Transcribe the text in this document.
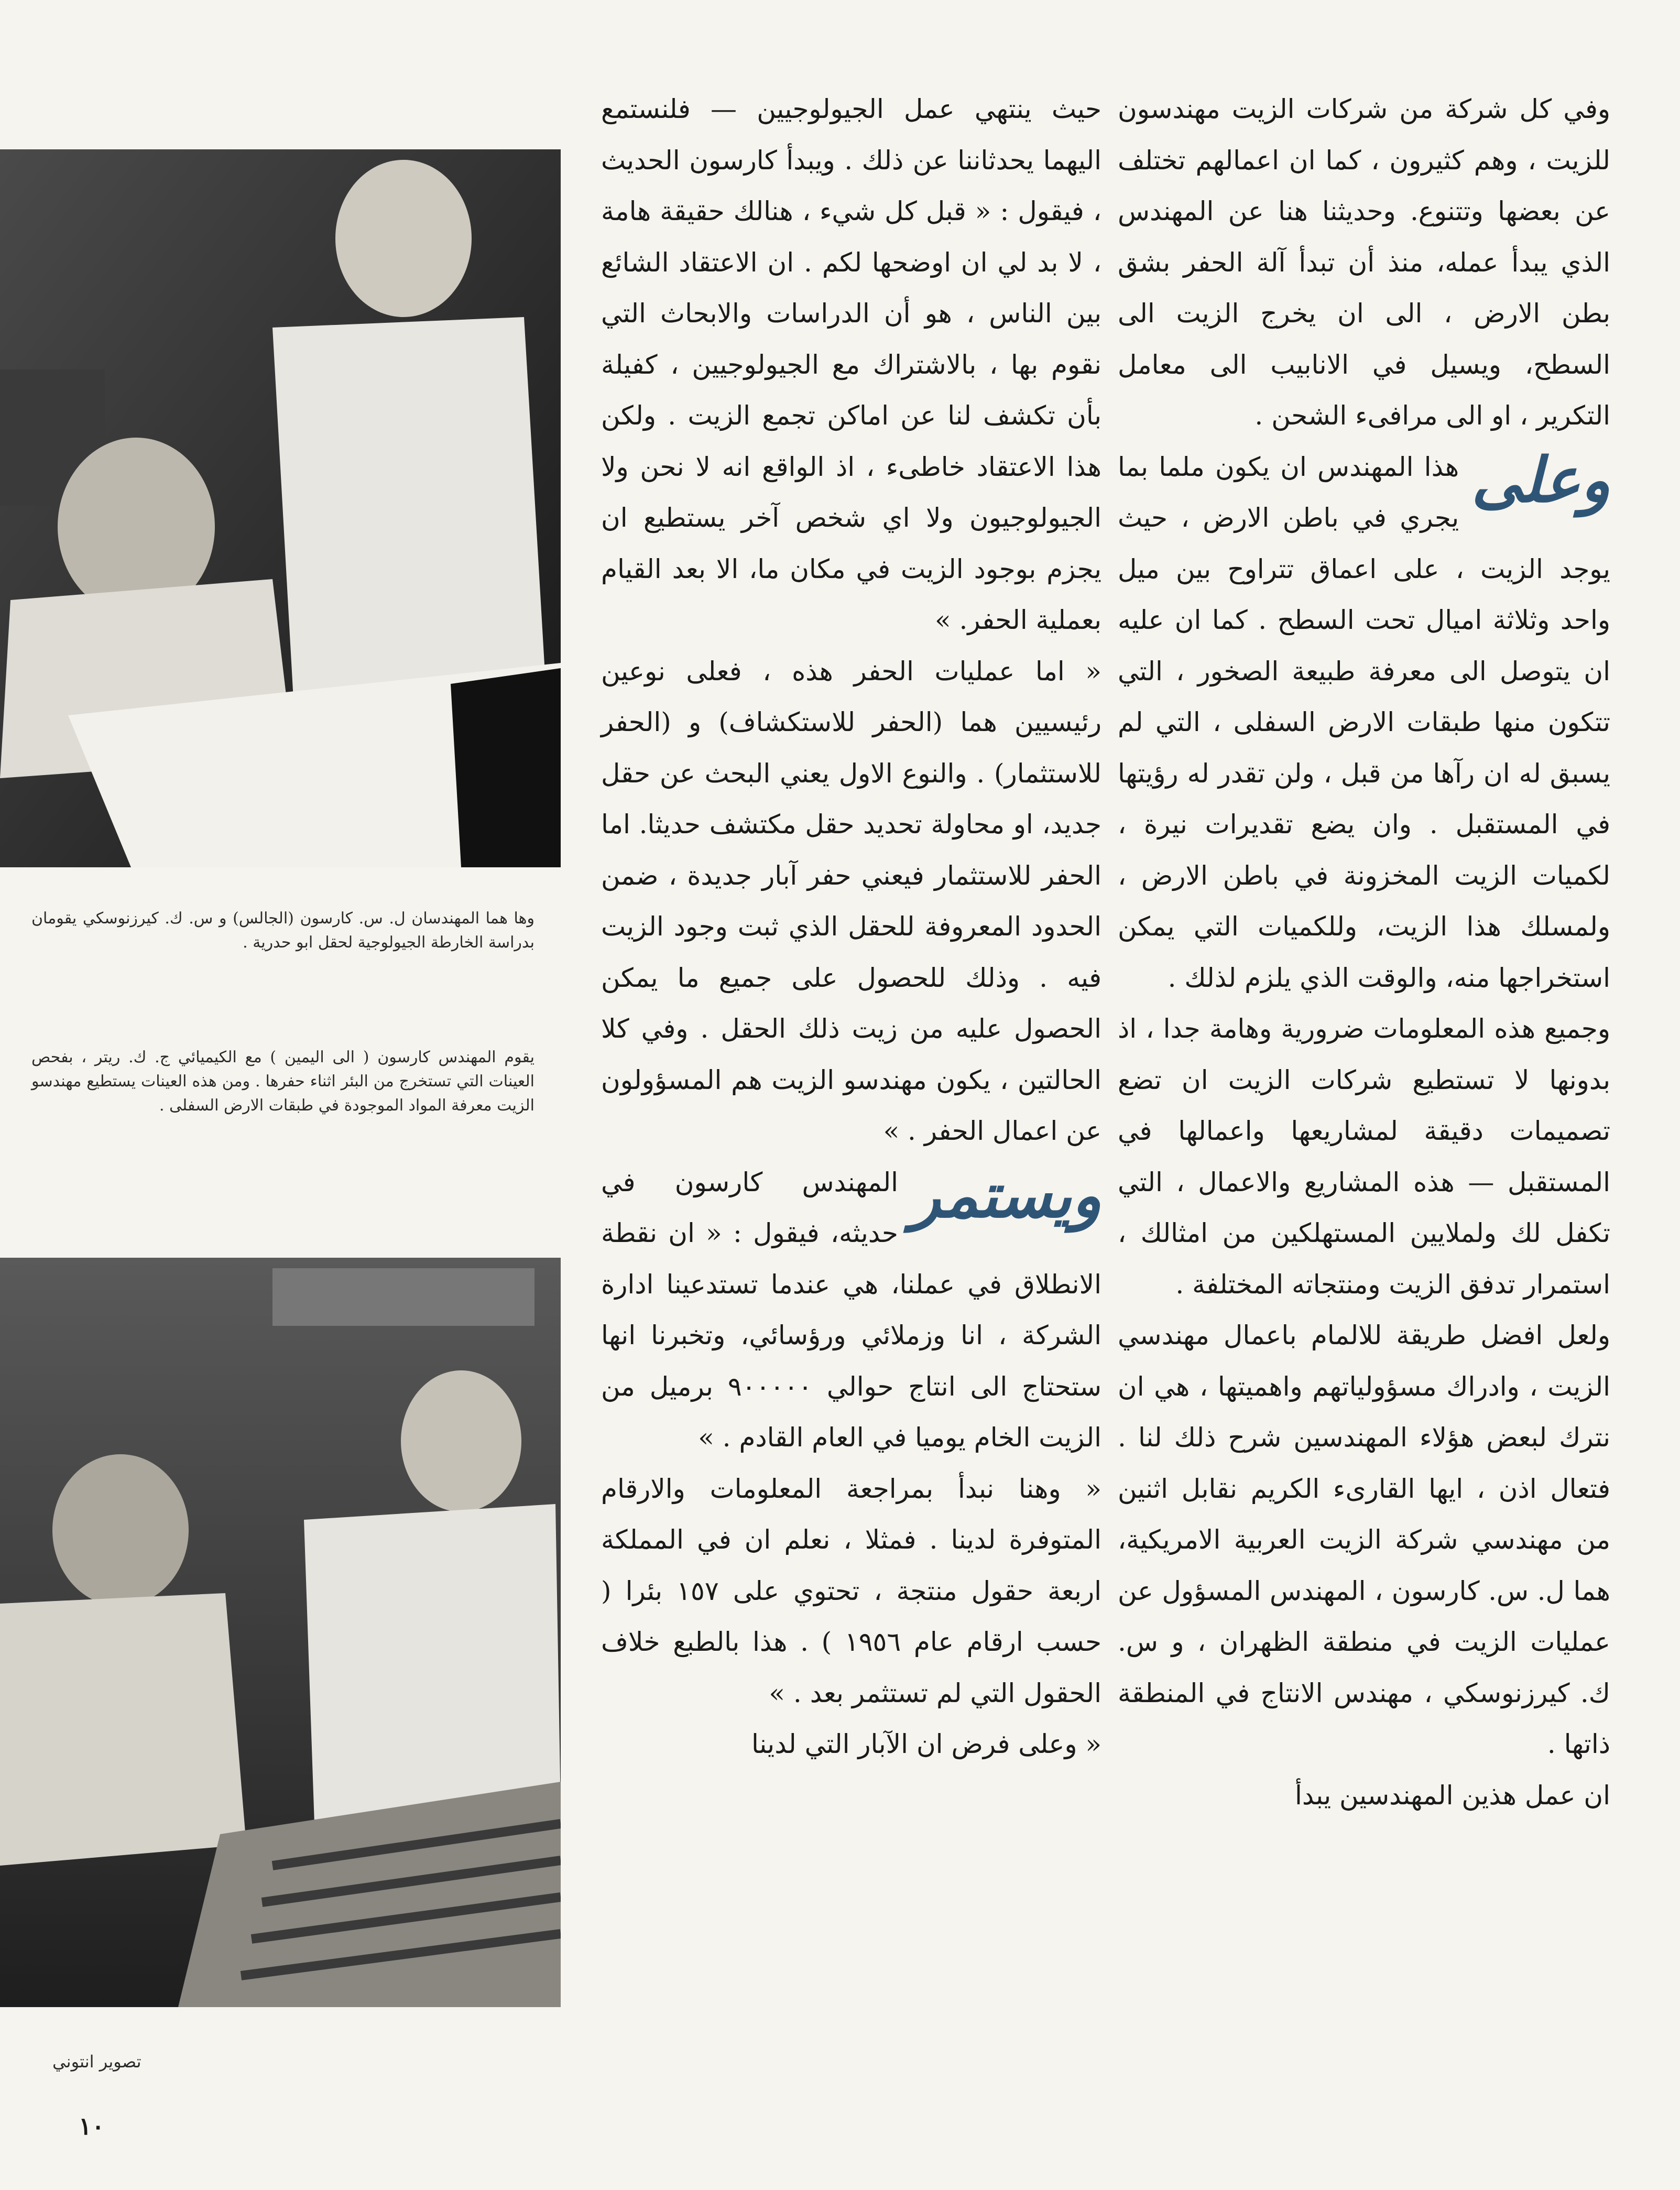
وها هما المهندسان ل. س. كارسون (الجالس) و س. ك. كيرزنوسكي يقومان بدراسة الخارطة الجيولوجية لحقل ابو حدرية .
يقوم المهندس كارسون ( الى اليمين ) مع الكيميائي ج. ك. ريتر ، بفحص العينات التي تستخرج من البئر اثناء حفرها . ومن هذه العينات يستطيع مهندسو الزيت معرفة المواد الموجودة في طبقات الارض السفلى .

وفي كل شركة من شركات الزيت مهندسون للزيت ، وهم كثيرون ، كما ان اعمالهم تختلف عن بعضها وتتنوع. وحديثنا هنا عن المهندس الذي يبدأ عمله، منذ أن تبدأ آلة الحفر بشق بطن الارض ، الى ان يخرج الزيت الى السطح، ويسيل في الانابيب الى معامل التكرير ، او الى مرافىء الشحن .

وعلى
هذا المهندس ان يكون ملما بما يجري في باطن الارض ، حيث يوجد الزيت ، على اعماق تتراوح بين ميل واحد وثلاثة اميال تحت السطح . كما ان عليه ان يتوصل الى معرفة طبيعة الصخور ، التي تتكون منها طبقات الارض السفلى ، التي لم يسبق له ان رآها من قبل ، ولن تقدر له رؤيتها في المستقبل . وان يضع تقديرات نيرة ، لكميات الزيت المخزونة في باطن الارض ، ولمسلك هذا الزيت، وللكميات التي يمكن استخراجها منه، والوقت الذي يلزم لذلك .

وجميع هذه المعلومات ضرورية وهامة جدا ، اذ بدونها لا تستطيع شركات الزيت ان تضع تصميمات دقيقة لمشاريعها واعمالها في المستقبل — هذه المشاريع والاعمال ، التي تكفل لك ولملايين المستهلكين من امثالك ، استمرار تدفق الزيت ومنتجاته المختلفة .

ولعل افضل طريقة للالمام باعمال مهندسي الزيت ، وادراك مسؤولياتهم واهميتها ، هي ان نترك لبعض هؤلاء المهندسين شرح ذلك لنا . فتعال اذن ، ايها القارىء الكريم نقابل اثنين من مهندسي شركة الزيت العربية الامريكية، هما ل. س. كارسون ، المهندس المسؤول عن عمليات الزيت في منطقة الظهران ، و س. ك. كيرزنوسكي ، مهندس الانتاج في المنطقة ذاتها .

ان عمل هذين المهندسين يبدأ

حيث ينتهي عمل الجيولوجيين — فلنستمع اليهما يحدثاننا عن ذلك . ويبدأ كارسون الحديث ، فيقول : « قبل كل شيء ، هنالك حقيقة هامة ، لا بد لي ان اوضحها لكم . ان الاعتقاد الشائع بين الناس ، هو أن الدراسات والابحاث التي نقوم بها ، بالاشتراك مع الجيولوجيين ، كفيلة بأن تكشف لنا عن اماكن تجمع الزيت . ولكن هذا الاعتقاد خاطىء ، اذ الواقع انه لا نحن ولا الجيولوجيون ولا اي شخص آخر يستطيع ان يجزم بوجود الزيت في مكان ما، الا بعد القيام بعملية الحفر. »

« اما عمليات الحفر هذه ، فعلى نوعين رئيسيين هما (الحفر للاستكشاف) و (الحفر للاستثمار) . والنوع الاول يعني البحث عن حقل جديد، او محاولة تحديد حقل مكتشف حديثا. اما الحفر للاستثمار فيعني حفر آبار جديدة ، ضمن الحدود المعروفة للحقل الذي ثبت وجود الزيت فيه . وذلك للحصول على جميع ما يمكن الحصول عليه من زيت ذلك الحقل . وفي كلا الحالتين ، يكون مهندسو الزيت هم المسؤولون عن اعمال الحفر . »

ويستمر
المهندس كارسون في حديثه، فيقول : « ان نقطة الانطلاق في عملنا، هي عندما تستدعينا ادارة الشركة ، انا وزملائي ورؤسائي، وتخبرنا انها ستحتاج الى انتاج حوالي ٩٠٠٠٠٠ برميل من الزيت الخام يوميا في العام القادم . »

« وهنا نبدأ بمراجعة المعلومات والارقام المتوفرة لدينا . فمثلا ، نعلم ان في المملكة اربعة حقول منتجة ، تحتوي على ١٥٧ بئرا ( حسب ارقام عام ١٩٥٦ ) . هذا بالطبع خلاف الحقول التي لم تستثمر بعد . »

« وعلى فرض ان الآبار التي لدينا

تصوير انتوني
١٠
